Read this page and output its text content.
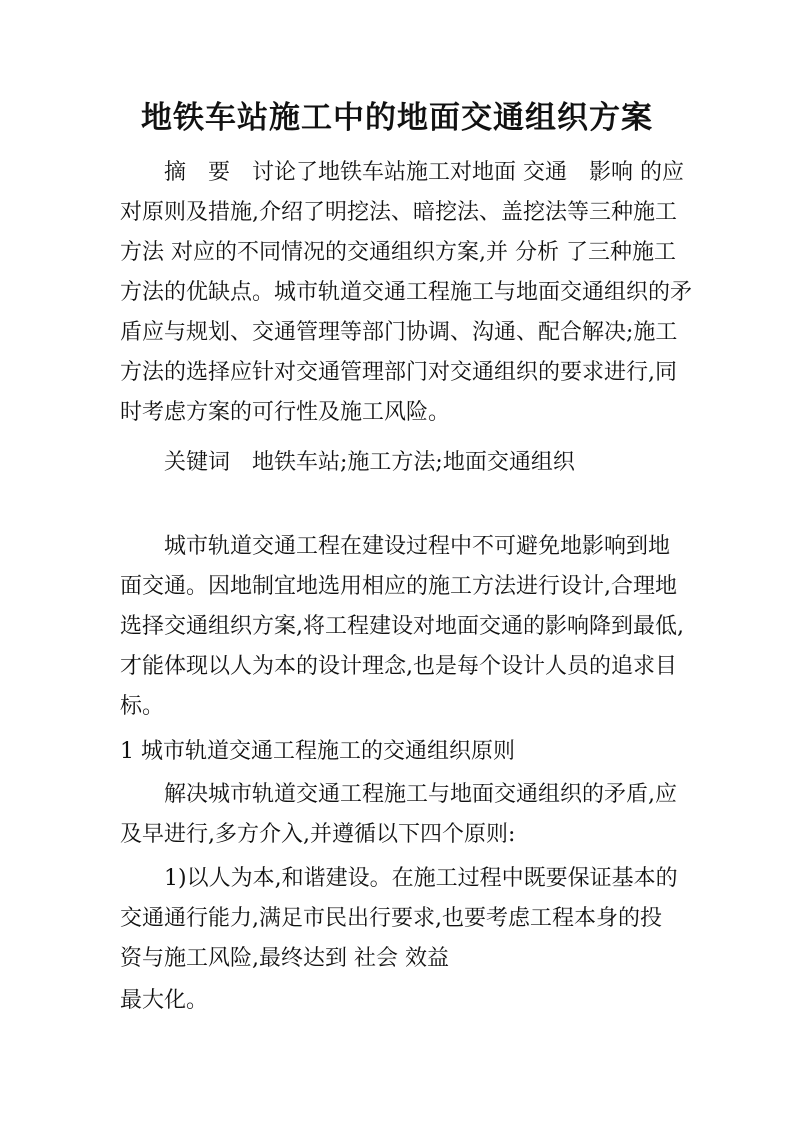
地铁车站施工中的地面交通组织方案

摘　要　讨论了地铁车站施工对地面 交通　影响 的应

对原则及措施,介绍了明挖法、暗挖法、盖挖法等三种施工

方法 对应的不同情况的交通组织方案,并 分析 了三种施工

方法的优缺点。城市轨道交通工程施工与地面交通组织的矛

盾应与规划、交通管理等部门协调、沟通、配合解决;施工

方法的选择应针对交通管理部门对交通组织的要求进行,同

时考虑方案的可行性及施工风险。

关键词　地铁车站;施工方法;地面交通组织

城市轨道交通工程在建设过程中不可避免地影响到地

面交通。因地制宜地选用相应的施工方法进行设计,合理地

选择交通组织方案,将工程建设对地面交通的影响降到最低,

才能体现以人为本的设计理念,也是每个设计人员的追求目

标。

1 城市轨道交通工程施工的交通组织原则

解决城市轨道交通工程施工与地面交通组织的矛盾,应

及早进行,多方介入,并遵循以下四个原则:

1)以人为本,和谐建设。在施工过程中既要保证基本的

交通通行能力,满足市民出行要求,也要考虑工程本身的投

资与施工风险,最终达到 社会 效益

最大化。
